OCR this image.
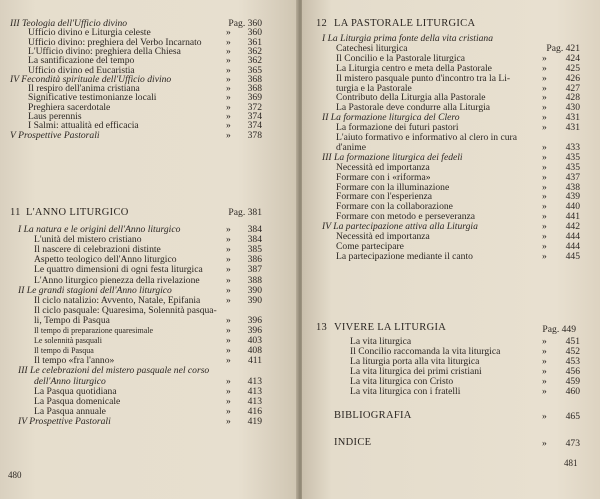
III Teologia dell'Ufficio divino	Pag. 360
Ufficio divino e Liturgia celeste	»	360
Ufficio divino: preghiera del Verbo Incarnato	»	361
L'Ufficio divino: preghiera della Chiesa	»	362
La santificazione del tempo	»	362
Ufficio divino ed Eucaristia	»	365
IV Fecondità spirituale dell'Ufficio divino	»	368
Il respiro dell'anima cristiana	»	368
Significative testimonianze locali	»	369
Preghiera sacerdotale	»	372
Laus perennis	»	374
I Salmi: attualità ed efficacia	»	374
V Prospettive Pastorali	»	378
11 L'ANNO LITURGICO	Pag. 381
I La natura e le origini dell'Anno liturgico	»	384
L'unità del mistero cristiano	»	384
Il nascere di celebrazioni distinte	»	385
Aspetto teologico dell'Anno liturgico	»	386
Le quattro dimensioni di ogni festa liturgica »	387
L'Anno liturgico pienezza della rivelazione	»	388
II Le grandi stagioni dell'Anno liturgico	»	390
Il ciclo natalizio: Avvento, Natale, Epifania	»	390
Il ciclo pasquale: Quaresima, Solennità pasqua-
li, Tempo di Pasqua	»	396
Il tempo di preparazione quaresimale	»	396
Le solennità pasquali	»	403
Il tempo di Pasqua	»	408
Il tempo «fra l'anno»	»	411
III Le celebrazioni del mistero pasquale nel corso
dell'Anno liturgico	»	413
La Pasqua quotidiana	»	413
La Pasqua domenicale	»	413
La Pasqua annuale	»	416
IV Prospettive Pastorali	»	419
480
12 LA PASTORALE LITURGICA
I La Liturgia prima fonte della vita cristiana
Catechesi liturgica	Pag. 421
Il Concilio e la Pastorale liturgica	»	424
La Liturgia centro e meta della Pastorale	»	425
Il mistero pasquale punto d'incontro tra la Li-	»	426
turgia e la Pastorale	»	427
Contributo della Liturgia alla Pastorale	»	428
La Pastorale deve condurre alla Liturgia	»	430
II La formazione liturgica del Clero	»	431
La formazione dei futuri pastori	»	431
L'aiuto formativo e informativo al clero in cura
d'anime	»	433
III La formazione liturgica dei fedeli	»	435
Necessità ed importanza	»	435
Formare con i «riforma»	»	437
Formare con la illuminazione	»	438
Formare con l'esperienza	»	439
Formare con la collaborazione	»	440
Formare con metodo e perseveranza	»	441
IV La partecipazione attiva alla Liturgia	»	442
Necessità ed importanza	»	444
Come partecipare	»	444
La partecipazione mediante il canto	»	445
13 VIVERE LA LITURGIA	Pag. 449
La vita liturgica	»	451
Il Concilio raccomanda la vita liturgica	»	452
La liturgia porta alla vita liturgica	»	453
La vita liturgica dei primi cristiani	»	456
La vita liturgica con Cristo	»	459
La vita liturgica con i fratelli	»	460
BIBLIOGRAFIA	»	465
INDICE	»	473
481
